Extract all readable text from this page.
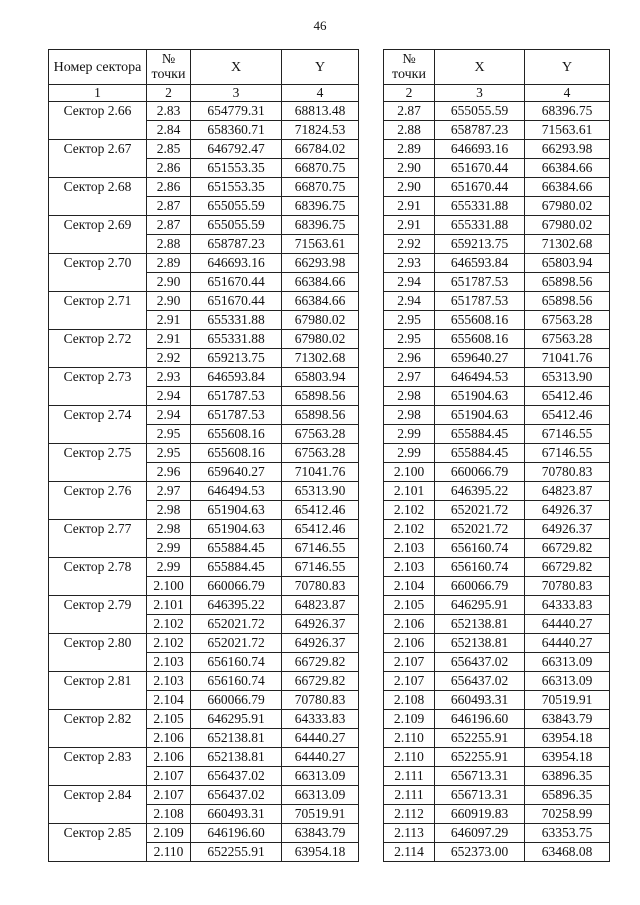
46
Номер сектора	№ точки	X	Y
1	2	3	4
Сектор 2.66	2.83	654779.31	68813.48
	2.84	658360.71	71824.53
Сектор 2.67	2.85	646792.47	66784.02
	2.86	651553.35	66870.75
Сектор 2.68	2.86	651553.35	66870.75
	2.87	655055.59	68396.75
Сектор 2.69	2.87	655055.59	68396.75
	2.88	658787.23	71563.61
Сектор 2.70	2.89	646693.16	66293.98
	2.90	651670.44	66384.66
Сектор 2.71	2.90	651670.44	66384.66
	2.91	655331.88	67980.02
Сектор 2.72	2.91	655331.88	67980.02
	2.92	659213.75	71302.68
Сектор 2.73	2.93	646593.84	65803.94
	2.94	651787.53	65898.56
Сектор 2.74	2.94	651787.53	65898.56
	2.95	655608.16	67563.28
Сектор 2.75	2.95	655608.16	67563.28
	2.96	659640.27	71041.76
Сектор 2.76	2.97	646494.53	65313.90
	2.98	651904.63	65412.46
Сектор 2.77	2.98	651904.63	65412.46
	2.99	655884.45	67146.55
Сектор 2.78	2.99	655884.45	67146.55
	2.100	660066.79	70780.83
Сектор 2.79	2.101	646395.22	64823.87
	2.102	652021.72	64926.37
Сектор 2.80	2.102	652021.72	64926.37
	2.103	656160.74	66729.82
Сектор 2.81	2.103	656160.74	66729.82
	2.104	660066.79	70780.83
Сектор 2.82	2.105	646295.91	64333.83
	2.106	652138.81	64440.27
Сектор 2.83	2.106	652138.81	64440.27
	2.107	656437.02	66313.09
Сектор 2.84	2.107	656437.02	66313.09
	2.108	660493.31	70519.91
Сектор 2.85	2.109	646196.60	63843.79
	2.110	652255.91	63954.18
№ точки	X	Y
2	3	4
2.87	655055.59	68396.75
2.88	658787.23	71563.61
2.89	646693.16	66293.98
2.90	651670.44	66384.66
2.90	651670.44	66384.66
2.91	655331.88	67980.02
2.91	655331.88	67980.02
2.92	659213.75	71302.68
2.93	646593.84	65803.94
2.94	651787.53	65898.56
2.94	651787.53	65898.56
2.95	655608.16	67563.28
2.95	655608.16	67563.28
2.96	659640.27	71041.76
2.97	646494.53	65313.90
2.98	651904.63	65412.46
2.98	651904.63	65412.46
2.99	655884.45	67146.55
2.99	655884.45	67146.55
2.100	660066.79	70780.83
2.101	646395.22	64823.87
2.102	652021.72	64926.37
2.102	652021.72	64926.37
2.103	656160.74	66729.82
2.103	656160.74	66729.82
2.104	660066.79	70780.83
2.105	646295.91	64333.83
2.106	652138.81	64440.27
2.106	652138.81	64440.27
2.107	656437.02	66313.09
2.107	656437.02	66313.09
2.108	660493.31	70519.91
2.109	646196.60	63843.79
2.110	652255.91	63954.18
2.110	652255.91	63954.18
2.111	656713.31	63896.35
2.111	656713.31	65896.35
2.112	660919.83	70258.99
2.113	646097.29	63353.75
2.114	652373.00	63468.08
